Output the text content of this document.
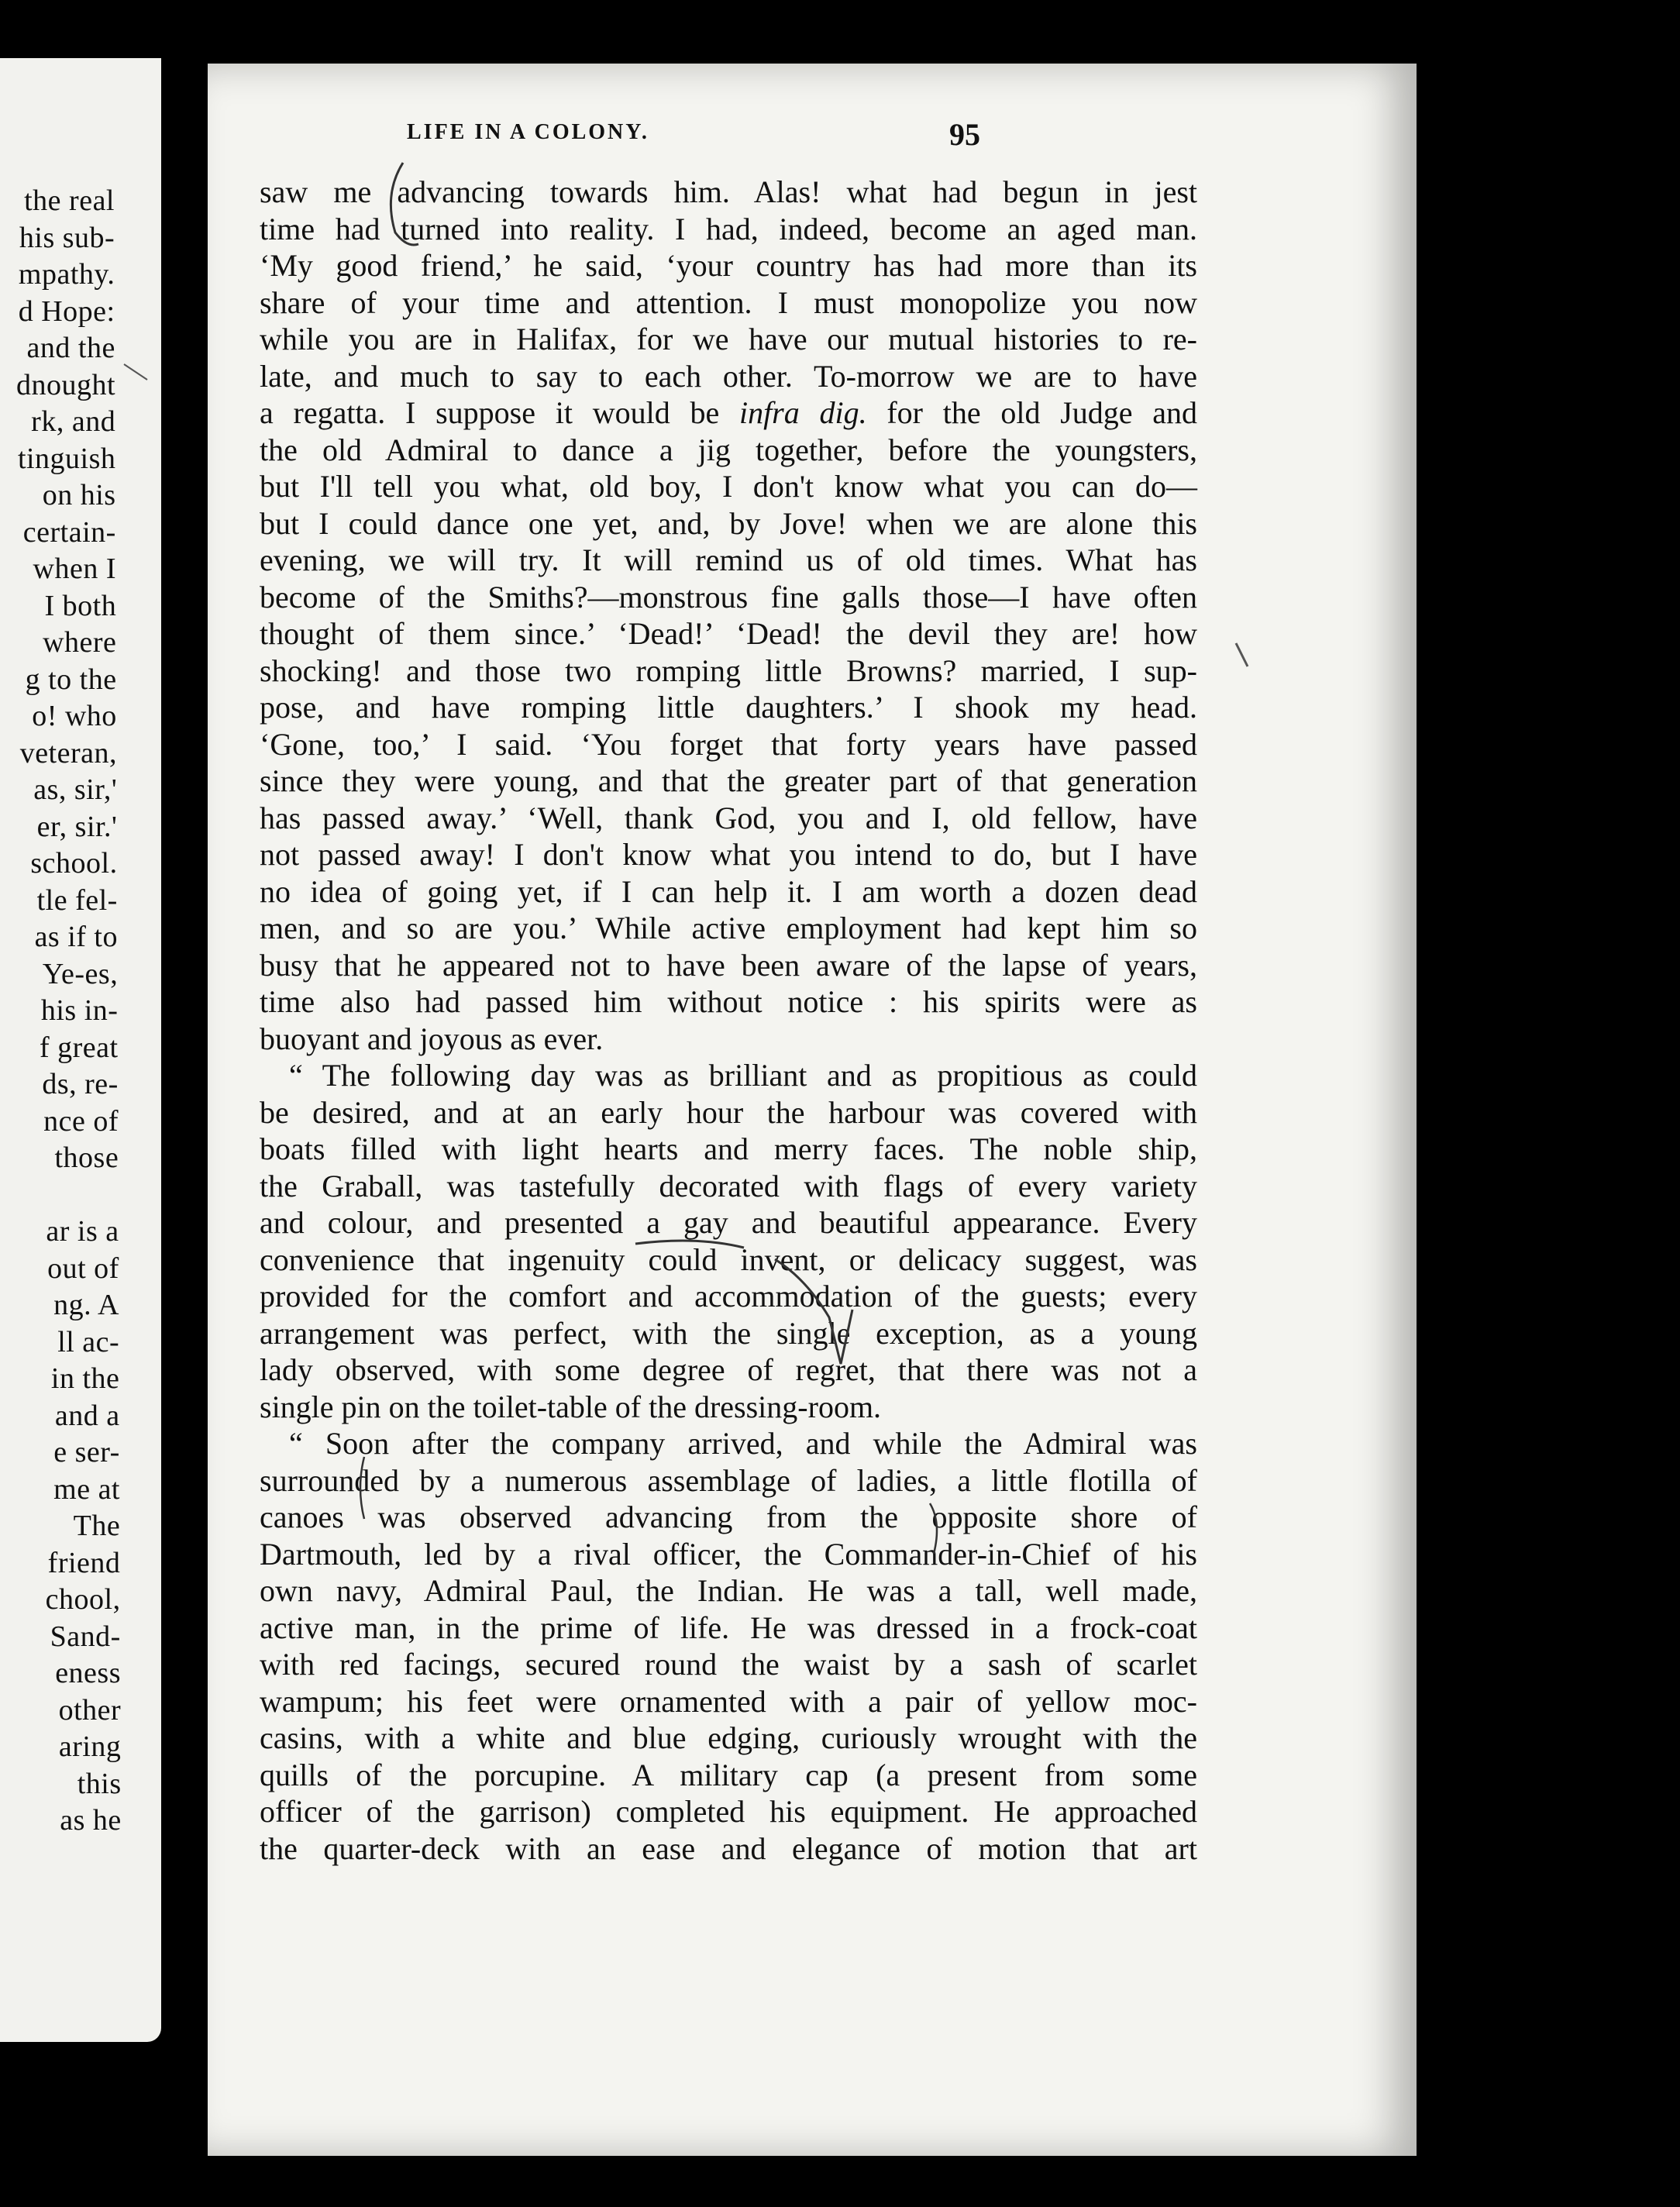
the real
his sub-
mpathy.
d Hope:
and the
dnought
rk, and
tinguish
on his
certain-
when I
I both
where
g to the
o! who
veteran,
as, sir,'
er, sir.'
school.
tle fel-
as if to
Ye-es,
his in-
f great
ds, re-
nce of
those
ar is a
out of
ng. A
ll ac-
in the
and a
e ser-
me at
The
friend
chool,
Sand-
eness
other
aring
this
as he
LIFE IN A COLONY.	95
saw me advancing towards him. Alas! what had begun in jest
time had turned into reality. I had, indeed, become an aged man.
‘My good friend,’ he said, ‘your country has had more than its
share of your time and attention. I must monopolize you now
while you are in Halifax, for we have our mutual histories to re-
late, and much to say to each other. To-morrow we are to have
a regatta. I suppose it would be infra dig. for the old Judge and
the old Admiral to dance a jig together, before the youngsters,
but I'll tell you what, old boy, I don't know what you can do—
but I could dance one yet, and, by Jove! when we are alone this
evening, we will try. It will remind us of old times. What has
become of the Smiths?—monstrous fine galls those—I have often
thought of them since.’ ‘Dead!’ ‘Dead! the devil they are! how
shocking! and those two romping little Browns? married, I sup-
pose, and have romping little daughters.’ I shook my head.
‘Gone, too,’ I said. ‘You forget that forty years have passed
since they were young, and that the greater part of that generation
has passed away.’ ‘Well, thank God, you and I, old fellow, have
not passed away! I don't know what you intend to do, but I have
no idea of going yet, if I can help it. I am worth a dozen dead
men, and so are you.’ While active employment had kept him so
busy that he appeared not to have been aware of the lapse of years,
time also had passed him without notice : his spirits were as
buoyant and joyous as ever.
“ The following day was as brilliant and as propitious as could
be desired, and at an early hour the harbour was covered with
boats filled with light hearts and merry faces. The noble ship,
the Graball, was tastefully decorated with flags of every variety
and colour, and presented a gay and beautiful appearance. Every
convenience that ingenuity could invent, or delicacy suggest, was
provided for the comfort and accommodation of the guests; every
arrangement was perfect, with the single exception, as a young
lady observed, with some degree of regret, that there was not a
single pin on the toilet-table of the dressing-room.
“ Soon after the company arrived, and while the Admiral was
surrounded by a numerous assemblage of ladies, a little flotilla of
canoes was observed advancing from the opposite shore of
Dartmouth, led by a rival officer, the Commander-in-Chief of his
own navy, Admiral Paul, the Indian. He was a tall, well made,
active man, in the prime of life. He was dressed in a frock-coat
with red facings, secured round the waist by a sash of scarlet
wampum; his feet were ornamented with a pair of yellow moc-
casins, with a white and blue edging, curiously wrought with the
quills of the porcupine. A military cap (a present from some
officer of the garrison) completed his equipment. He approached
the quarter-deck with an ease and elegance of motion that art
